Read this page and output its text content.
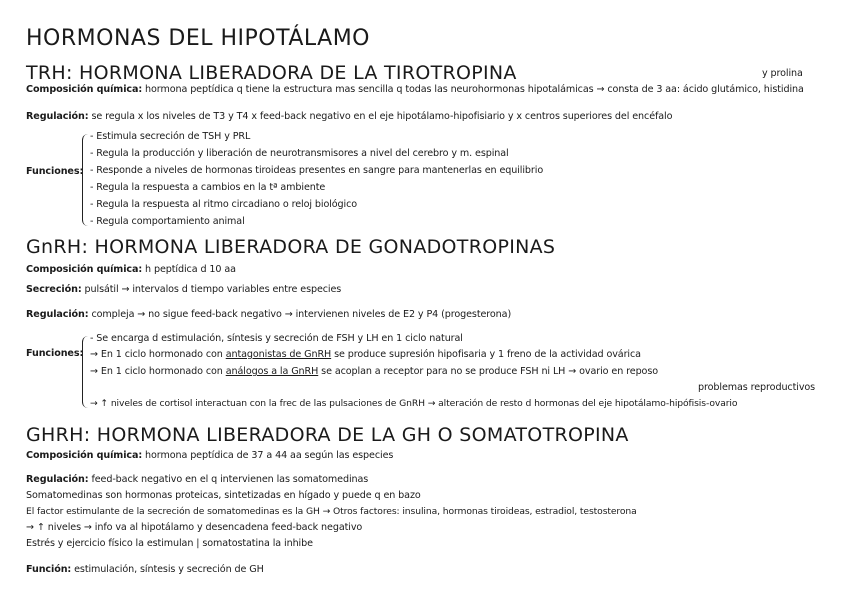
HORMONAS DEL HIPOTÁLAMO
TRH: HORMONA LIBERADORA DE LA TIROTROPINA	y prolina
Composición química: hormona peptídica q tiene la estructura mas sencilla q todas las neurohormonas hipotalámicas → consta de 3 aa: ácido glutámico, histidina
Regulación: se regula x los niveles de T3 y T4 x feed-back negativo en el eje hipotálamo-hipofisiario y x centros superiores del encéfalo
Funciones:
- Estimula secreción de TSH y PRL
- Regula la producción y liberación de neurotransmisores a nivel del cerebro y m. espinal
- Responde a niveles de hormonas tiroideas presentes en sangre para mantenerlas en equilibrio
- Regula la respuesta a cambios en la tª ambiente
- Regula la respuesta al ritmo circadiano o reloj biológico
- Regula comportamiento animal
GnRH: HORMONA LIBERADORA DE GONADOTROPINAS
Composición química: h peptídica d 10 aa
Secreción: pulsátil → intervalos d tiempo variables entre especies
Regulación: compleja → no sigue feed-back negativo → intervienen niveles de E2 y P4 (progesterona)
Funciones:
- Se encarga d estimulación, síntesis y secreción de FSH y LH en 1 ciclo natural
→ En 1 ciclo hormonado con antagonistas de GnRH se produce supresión hipofisaria y 1 freno de la actividad ovárica
→ En 1 ciclo hormonado con análogos a la GnRH se acoplan a receptor para no se produce FSH ni LH → ovario en reposo
problemas reproductivos
→ ↑ niveles de cortisol interactuan con la frec de las pulsaciones de GnRH → alteración de resto d hormonas del eje hipotálamo-hipófisis-ovario
GHRH: HORMONA LIBERADORA DE LA GH O SOMATOTROPINA
Composición química: hormona peptídica de 37 a 44 aa según las especies
Regulación: feed-back negativo en el q intervienen las somatomedinas
Somatomedinas son hormonas proteicas, sintetizadas en hígado y puede q en bazo
El factor estimulante de la secreción de somatomedinas es la GH → Otros factores: insulina, hormonas tiroideas, estradiol, testosterona
→ ↑ niveles → info va al hipotálamo y desencadena feed-back negativo
Estrés y ejercicio físico la estimulan | somatostatina la inhibe
Función: estimulación, síntesis y secreción de GH
